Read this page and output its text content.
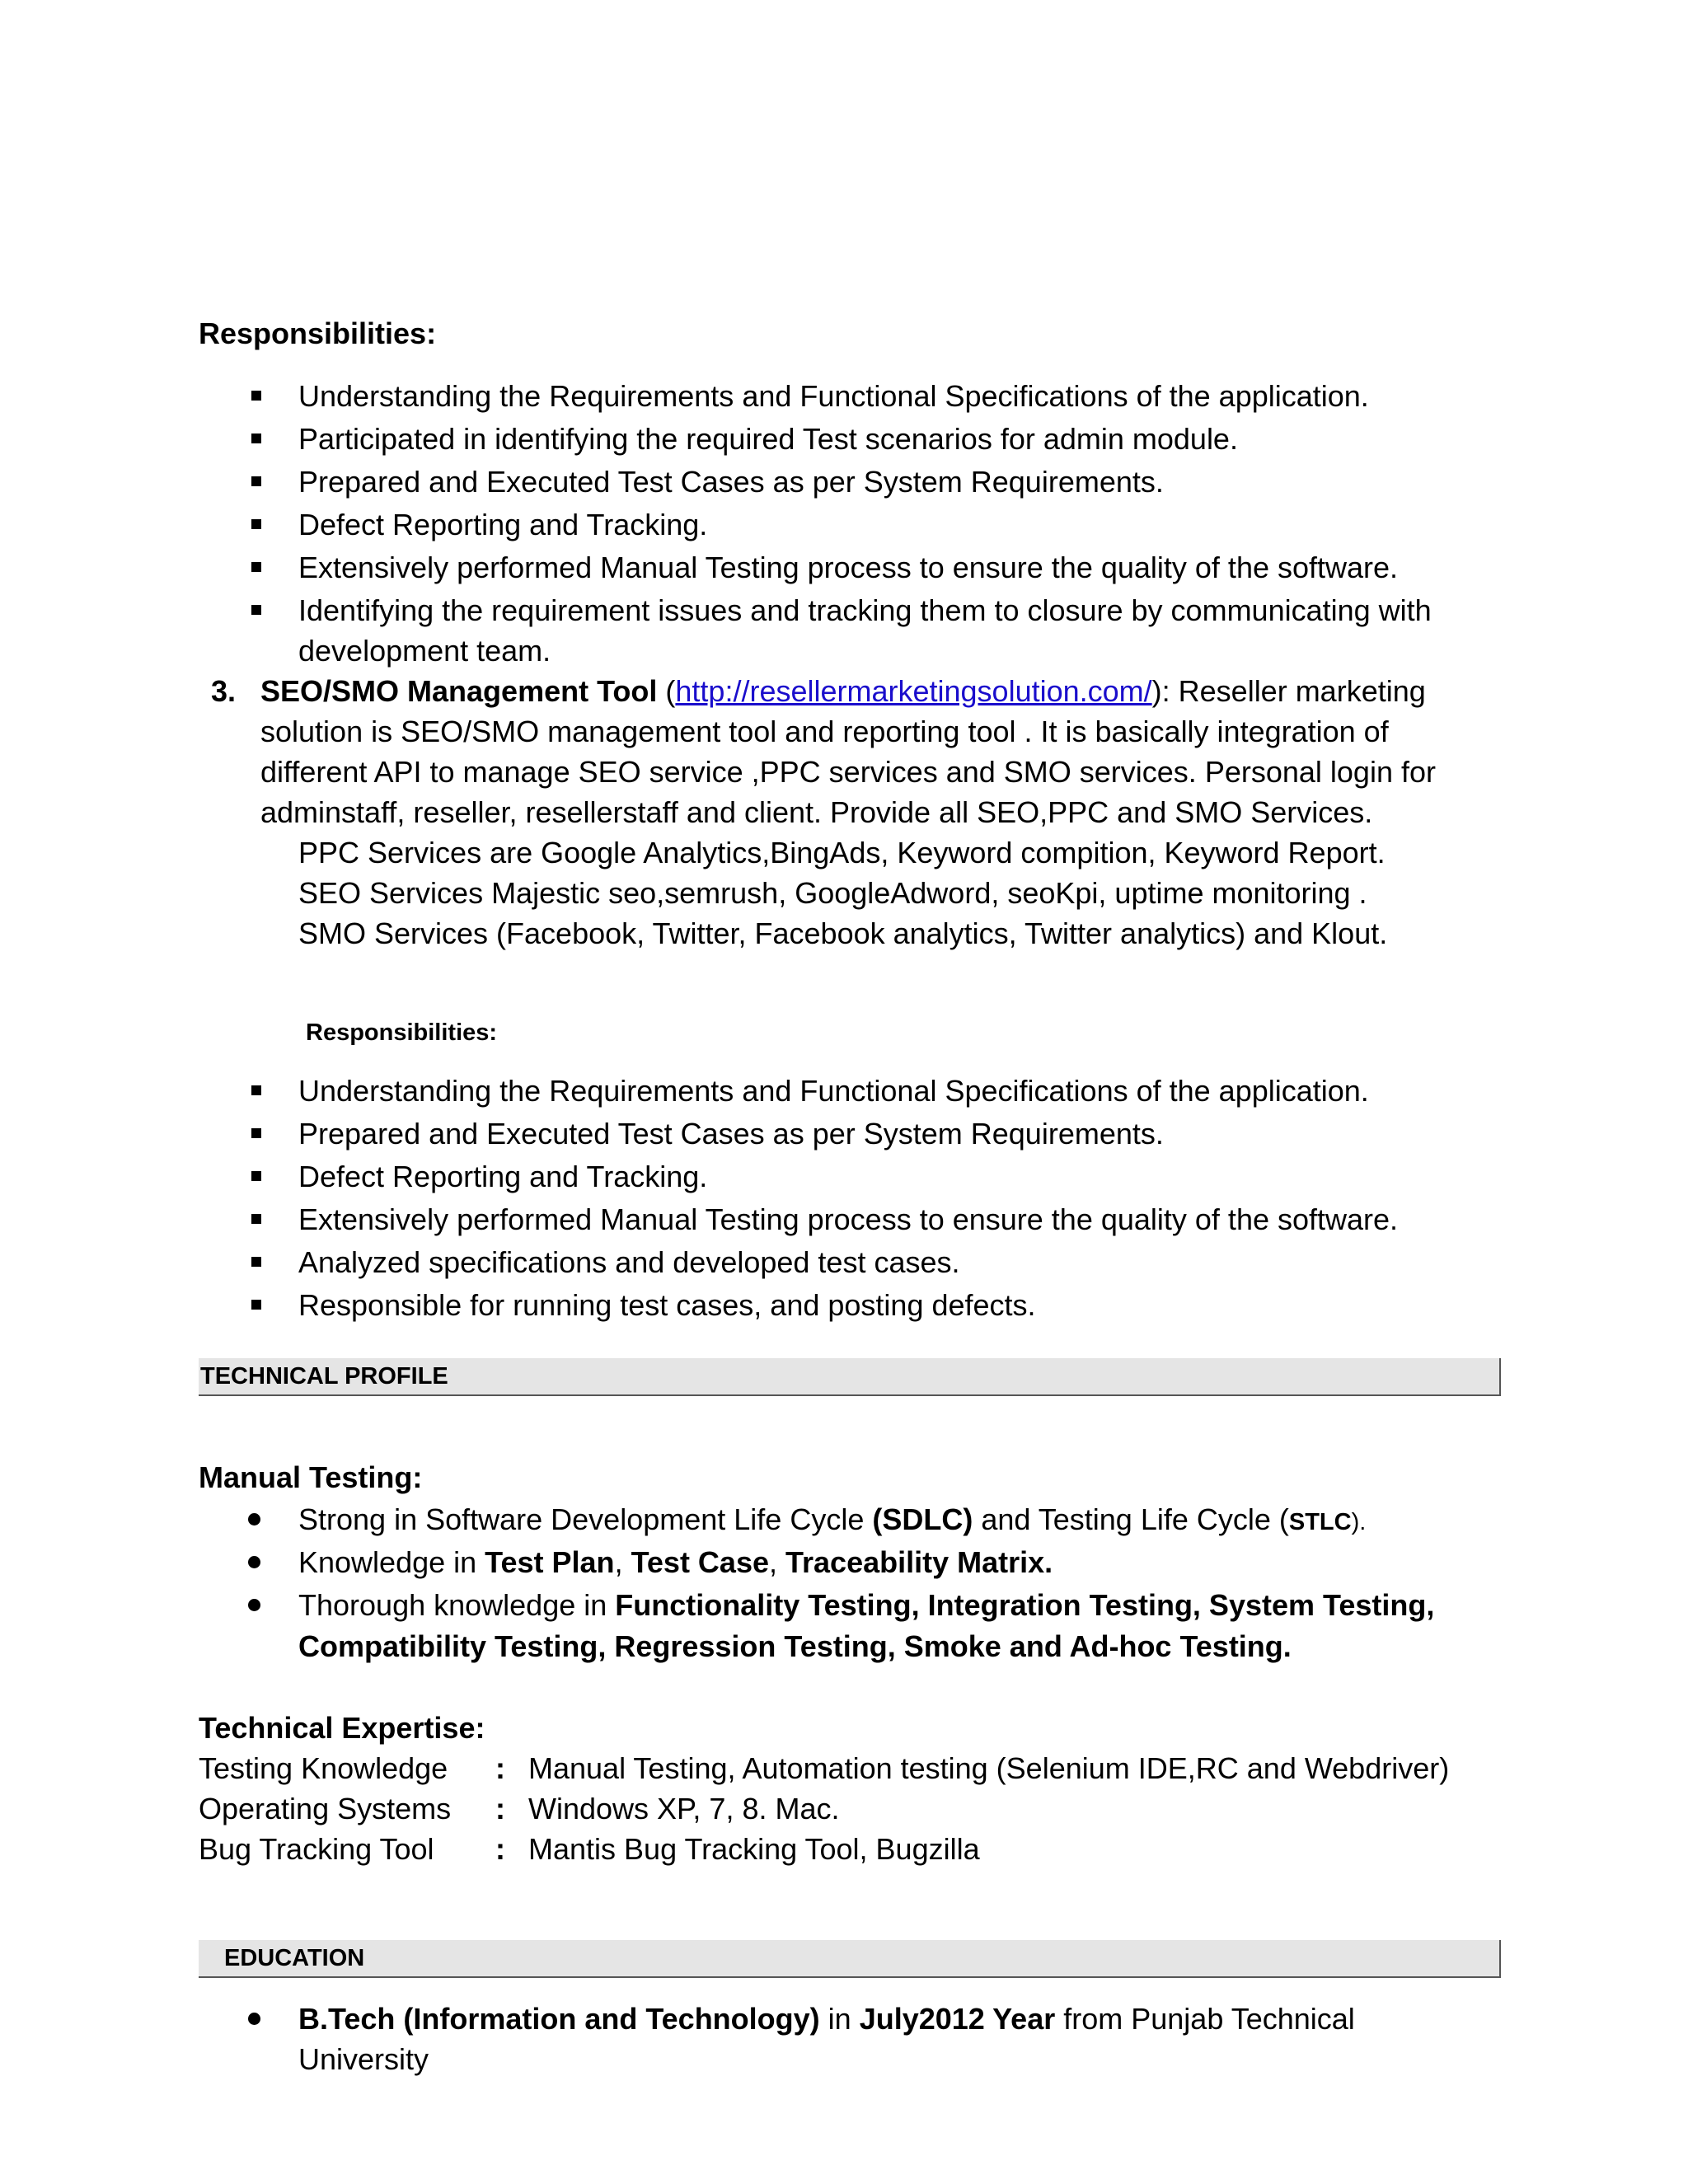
Responsibilities:
Understanding the Requirements and Functional Specifications of the application.
Participated in identifying the required Test scenarios for admin module.
Prepared and Executed Test Cases as per System Requirements.
Defect Reporting and Tracking.
Extensively performed Manual Testing process to ensure the quality of the software.
Identifying the requirement issues and tracking them to closure by communicating with
development team.
3. SEO/SMO Management Tool (http://resellermarketingsolution.com/): Reseller marketing
solution is SEO/SMO management tool and reporting tool . It is basically integration of
different API to manage SEO service ,PPC services and SMO services. Personal login for
adminstaff, reseller, resellerstaff and client. Provide all SEO,PPC and SMO Services.
PPC Services are Google Analytics,BingAds, Keyword compition, Keyword Report.
SEO Services Majestic seo,semrush, GoogleAdword, seoKpi, uptime monitoring .
SMO Services (Facebook, Twitter, Facebook analytics, Twitter analytics) and Klout.
Responsibilities:
Understanding the Requirements and Functional Specifications of the application.
Prepared and Executed Test Cases as per System Requirements.
Defect Reporting and Tracking.
Extensively performed Manual Testing process to ensure the quality of the software.
Analyzed specifications and developed test cases.
Responsible for running test cases, and posting defects.
TECHNICAL PROFILE
Manual Testing:
Strong in Software Development Life Cycle (SDLC) and Testing Life Cycle (STLC).
Knowledge in Test Plan, Test Case, Traceability Matrix.
Thorough knowledge in Functionality Testing, Integration Testing, System Testing,
Compatibility Testing, Regression Testing, Smoke and Ad-hoc Testing.
Technical Expertise:
Testing Knowledge : Manual Testing, Automation testing (Selenium IDE,RC and Webdriver)
Operating Systems : Windows XP, 7, 8. Mac.
Bug Tracking Tool : Mantis Bug Tracking Tool, Bugzilla
EDUCATION
B.Tech (Information and Technology) in July2012 Year from Punjab Technical
University
